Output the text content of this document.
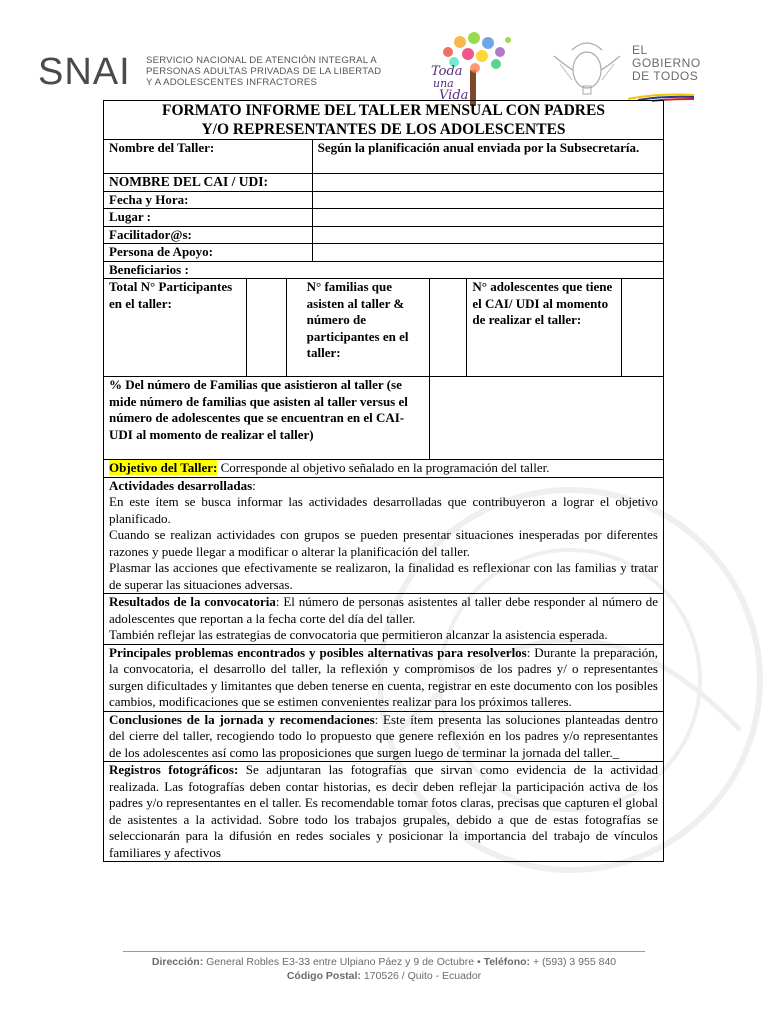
SNAI SERVICIO NACIONAL DE ATENCIÓN INTEGRAL A
PERSONAS ADULTAS PRIVADAS DE LA LIBERTAD
Y A ADOLESCENTES INFRACTORES
Toda
una
Vida
EL
GOBIERNO
DE TODOS
FORMATO INFORME DEL TALLER MENSUAL CON PADRES
Y/O REPRESENTANTES DE LOS ADOLESCENTES						

Nombre del Taller:			Según la planificación anual enviada por la Subsecretaría.			
NOMBRE DEL CAI / UDI:						
Fecha y Hora:						
Lugar :						
Facilitador@s:						
Persona de Apoyo:						
Beneficiarios :						
Total N° Participantes en el taller:		N° familias que asisten al taller & número de participantes en el taller:			N° adolescentes que tiene el CAI/ UDI al momento de realizar el taller:	
% Del número de Familias que asistieron al taller (se mide número de familias que asisten al taller versus el número de adolescentes que se encuentran en el CAI- UDI al momento de realizar el taller)						
Objetivo del Taller: Corresponde al objetivo señalado en la programación del taller.						

Actividades desarrolladas:
En este ítem se busca informar las actividades desarrolladas que contribuyeron a lograr el objetivo planificado.
Cuando se realizan actividades con grupos se pueden presentar situaciones inesperadas por diferentes razones y puede llegar a modificar o alterar la planificación del taller.
Plasmar las acciones que efectivamente se realizaron, la finalidad es reflexionar con las familias y tratar de superar las situaciones adversas.						

Resultados de la convocatoria: El número de personas asistentes al taller debe responder al número de adolescentes que reportan a la fecha corte del día del taller.
También reflejar las estrategias de convocatoria que permitieron alcanzar la asistencia esperada.						

Principales problemas encontrados y posibles alternativas para resolverlos: Durante la preparación, la convocatoria, el desarrollo del taller, la reflexión y compromisos de los padres y/ o representantes surgen dificultades y limitantes que deben tenerse en cuenta, registrar en este documento con los posibles cambios, modificaciones que se estimen convenientes realizar para los próximos talleres.						
Conclusiones de la jornada y recomendaciones: Este ítem presenta las soluciones planteadas dentro del cierre del taller, recogiendo todo lo propuesto que genere reflexión en los padres y/o representantes de los adolescentes así como las proposiciones que surgen luego de terminar la jornada del taller._						
Registros fotográficos: Se adjuntaran las fotografías que sirvan como evidencia de la actividad realizada. Las fotografías deben contar historias, es decir deben reflejar la participación activa de los padres y/o representantes en el taller. Es recomendable tomar fotos claras, precisas que capturen el global de asistentes a la actividad. Sobre todo los trabajos grupales, debido a que de estas fotografías se seleccionarán para la difusión en redes sociales y posicionar la importancia del trabajo de vínculos familiares y afectivos						
Dirección: General Robles E3-33 entre Ulpiano Páez y 9 de Octubre • Teléfono: + (593) 3 955 840
Código Postal: 170526 / Quito - Ecuador
